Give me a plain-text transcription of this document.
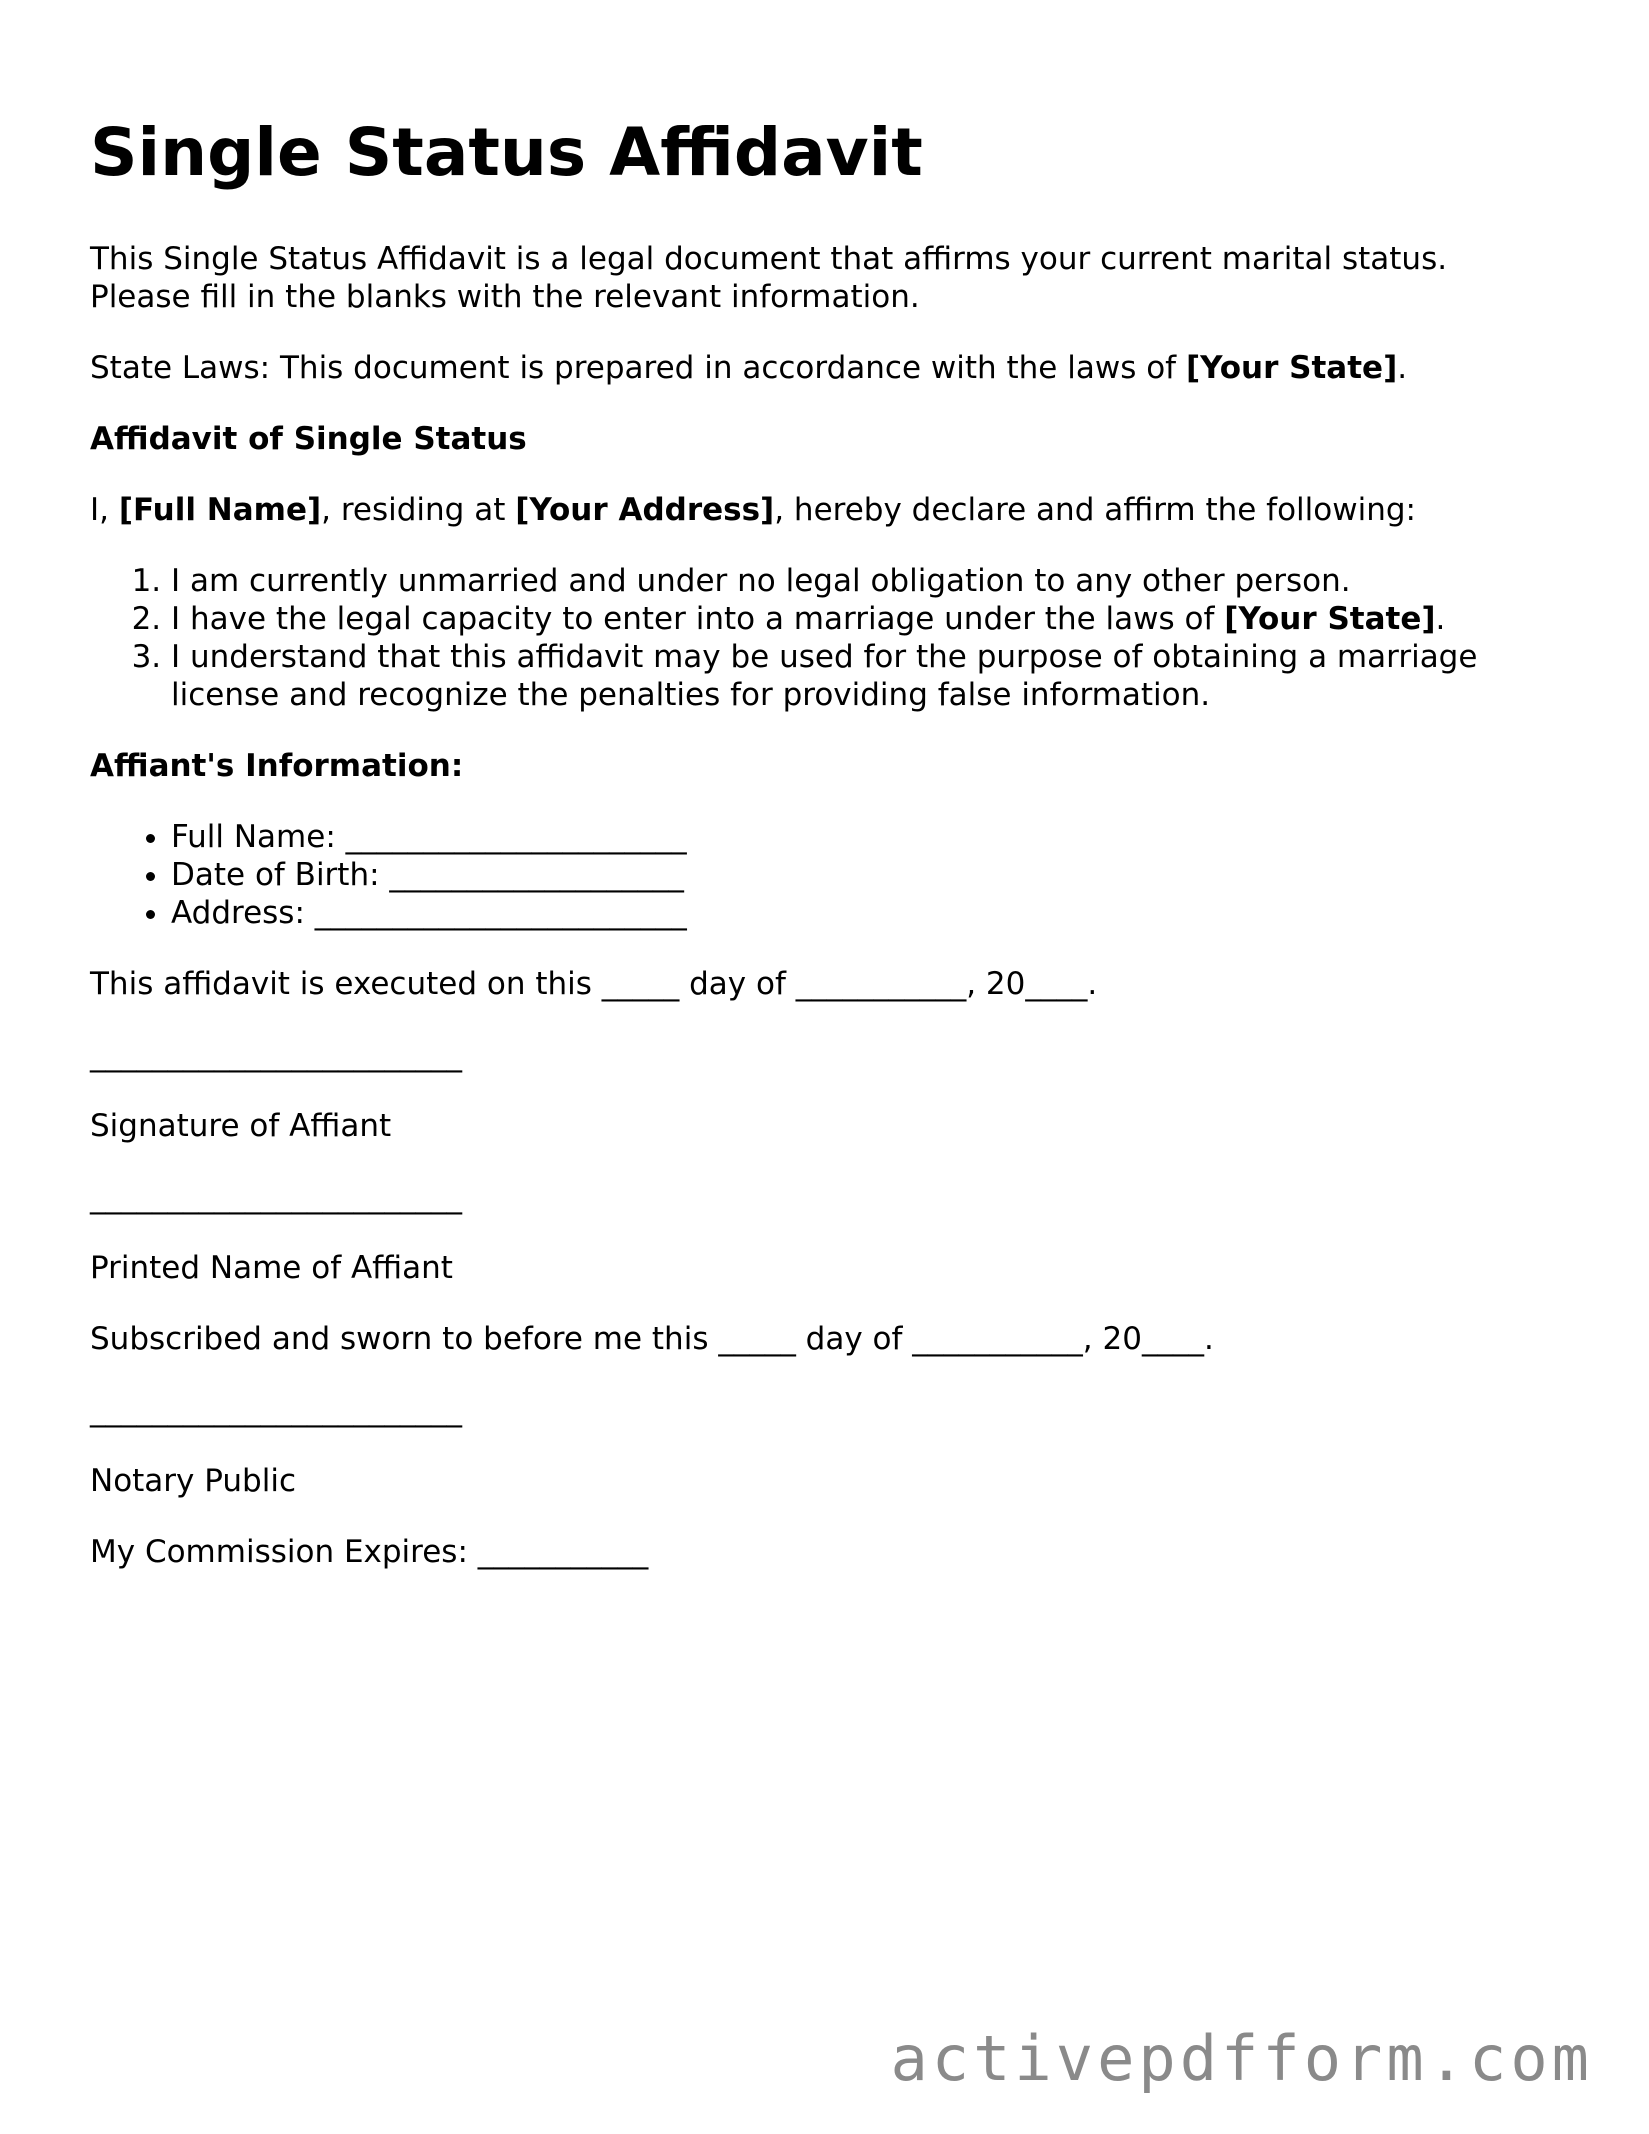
Single Status Affidavit

This Single Status Affidavit is a legal document that affirms your current marital status. Please fill in the blanks with the relevant information.

State Laws: This document is prepared in accordance with the laws of [Your State].

Affidavit of Single Status

I, [Full Name], residing at [Your Address], hereby declare and affirm the following:

1. I am currently unmarried and under no legal obligation to any other person.
2. I have the legal capacity to enter into a marriage under the laws of [Your State].
3. I understand that this affidavit may be used for the purpose of obtaining a marriage license and recognize the penalties for providing false information.

Affiant's Information:

• Full Name: ______________________
• Date of Birth: ___________________
• Address: ________________________

This affidavit is executed on this _____ day of ___________, 20____.

________________________

Signature of Affiant

________________________

Printed Name of Affiant

Subscribed and sworn to before me this _____ day of ___________, 20____.

________________________

Notary Public

My Commission Expires: ___________

activepdfform.com
